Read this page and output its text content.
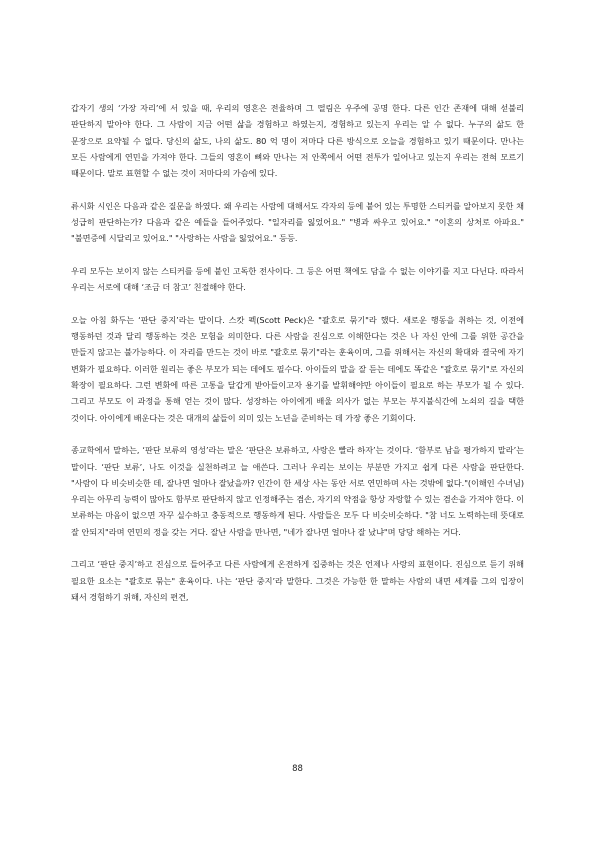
갑자기 생의 ‘가장 자리’에 서 있을 때, 우리의 영혼은 전율하며 그 떨림은 우주에 공명 한다. 다른 인간 존재에 대해 섣불리 판단하지 말아야 한다. 그 사람이 지금 어떤 삶을 경험하고 하였는지, 경험하고 있는지 우리는 알 수 없다. 누구의 삶도 한 문장으로 요약될 수 없다. 당신의 삶도, 나의 삶도. 80 억 명이 저마다 다른 방식으로 오늘을 경험하고 있기 때문이다. 만나는 모든 사람에게 연민을 가져야 한다. 그들의 영혼이 뼈와 만나는 저 안쪽에서 어떤 전투가 일어나고 있는지 우리는 전혀 모르기 때문이다. 말로 표현할 수 없는 것이 저마다의 가슴에 있다.

류시화 시인은 다음과 같은 질문을 하였다. 왜 우리는 사람에 대해서도 각자의 등에 붙어 있는 투명한 스티커를 알아보지 못한 채 성급히 판단하는가? 다음과 같은 예들을 들어주었다. "일자리를 잃었어요." "병과 싸우고 있어요." "이혼의 상처로 아파요." "불면증에 시달리고 있어요." "사랑하는 사람을 잃었어요." 등등.

우리 모두는 보이지 않는 스티커를 등에 붙인 고독한 전사이다. 그 등은 어떤 책에도 담을 수 없는 이야기를 지고 다닌다. 따라서 우리는 서로에 대해 ‘조금 더 참고’ 친절해야 한다.

오늘 아침 화두는 ‘판단 중지’라는 말이다. 스캇 펙(Scott Peck)은 "괄호로 묶기"라 했다. 새로운 행동을 취하는 것, 이전에 행동하던 것과 달리 행동하는 것은 모험을 의미한다. 다른 사람을 진심으로 이해한다는 것은 나 자신 안에 그를 위한 공간을 만들지 않고는 불가능하다. 이 자리를 만드는 것이 바로 "괄호로 묶기"라는 훈육이며, 그를 위해서는 자신의 확대와 결국에 자기 변화가 필요하다. 이러한 원리는 좋은 부모가 되는 데에도 필수다. 아이들의 말을 잘 듣는 데에도 똑같은 "괄호로 묶기"로 자신의 확장이 필요하다. 그런 변화에 따른 고통을 달갑게 받아들이고자 용기를 발휘해야만 아이들이 필요로 하는 부모가 될 수 있다. 그리고 부모도 이 과정을 통해 얻는 것이 많다. 성장하는 아이에게 배울 의사가 없는 부모는 부지불식간에 노쇠의 길을 택한 것이다. 아이에게 배운다는 것은 대개의 삶들이 의미 있는 노년을 준비하는 데 가장 좋은 기회이다.

종교학에서 말하는, ‘판단 보류의 영성’라는 말은 ‘판단은 보류하고, 사랑은 빨라 하자’는 것이다. ‘함부로 남을 평가하지 말라’는 말이다. ‘판단 보류’, 나도 이것을 실천하려고 늘 애쓴다. 그러나 우리는 보이는 부분만 가지고 쉽게 다른 사람을 판단한다. "사람이 다 비슷비슷한 데, 잘나면 얼마나 잘났을까? 인간이 한 세상 사는 동안 서로 연민하며 사는 것밖에 없다."(이해인 수녀님) 우리는 아무리 능력이 많아도 함부로 판단하지 않고 인정해주는 겸손, 자기의 약점을 항상 자랑할 수 있는 겸손을 가져야 한다. 이 보류하는 마음이 없으면 자꾸 실수하고 충동적으로 행동하게 된다. 사람들은 모두 다 비슷비슷하다. "참 너도 노력하는데 뜻대로 잘 안되지"라며 연민의 정을 갖는 거다. 잘난 사람을 만나면, "네가 잘나면 얼마나 잘 났냐"며 당당 해하는 거다.

그리고 ‘판단 중지’하고 진심으로 들어주고 다른 사람에게 온전하게 집중하는 것은 언제나 사랑의 표현이다. 진심으로 듣기 위해 필요한 요소는 "괄호로 묶는" 훈육이다. 나는 ‘판단 중지’라 말한다. 그것은 가능한 한 말하는 사람의 내면 세계를 그의 입장이 돼서 경험하기 위해, 자신의 편견,

88
